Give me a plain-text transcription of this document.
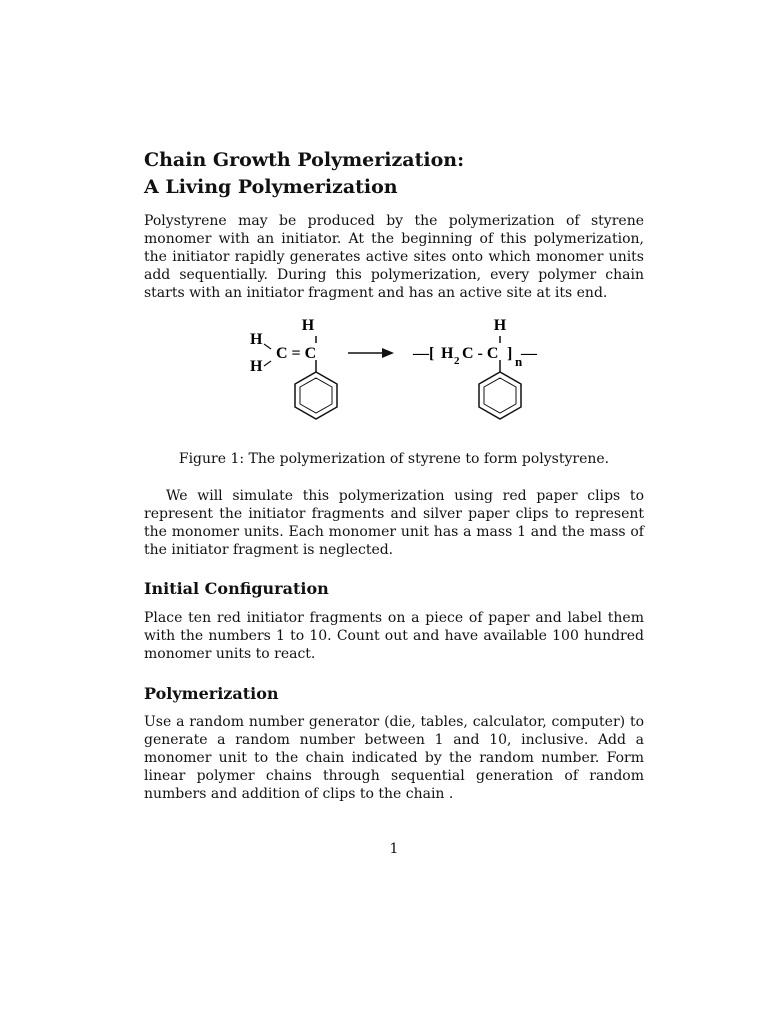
Chain Growth Polymerization:
A Living Polymerization

Polystyrene may be produced by the polymerization of styrene monomer with an initiator. At the beginning of this polymerization, the initiator rapidly generates active sites onto which monomer units add sequentially. During this polymerization, every polymer chain starts with an initiator fragment and has an active site at its end.

H
H
H
C = C
H
— [ H 2 C - C ] n
—
Figure 1: The polymerization of styrene to form polystyrene.

We will simulate this polymerization using red paper clips to represent the initiator fragments and silver paper clips to represent the monomer units. Each monomer unit has a mass 1 and the mass of the initiator fragment is neglected.

Initial Configuration

Place ten red initiator fragments on a piece of paper and label them with the numbers 1 to 10. Count out and have available 100 hundred monomer units to react.

Polymerization

Use a random number generator (die, tables, calculator, computer) to generate a random number between 1 and 10, inclusive. Add a monomer unit to the chain indicated by the random number. Form linear polymer chains through sequential generation of random numbers and addition of clips to the chain .

1
